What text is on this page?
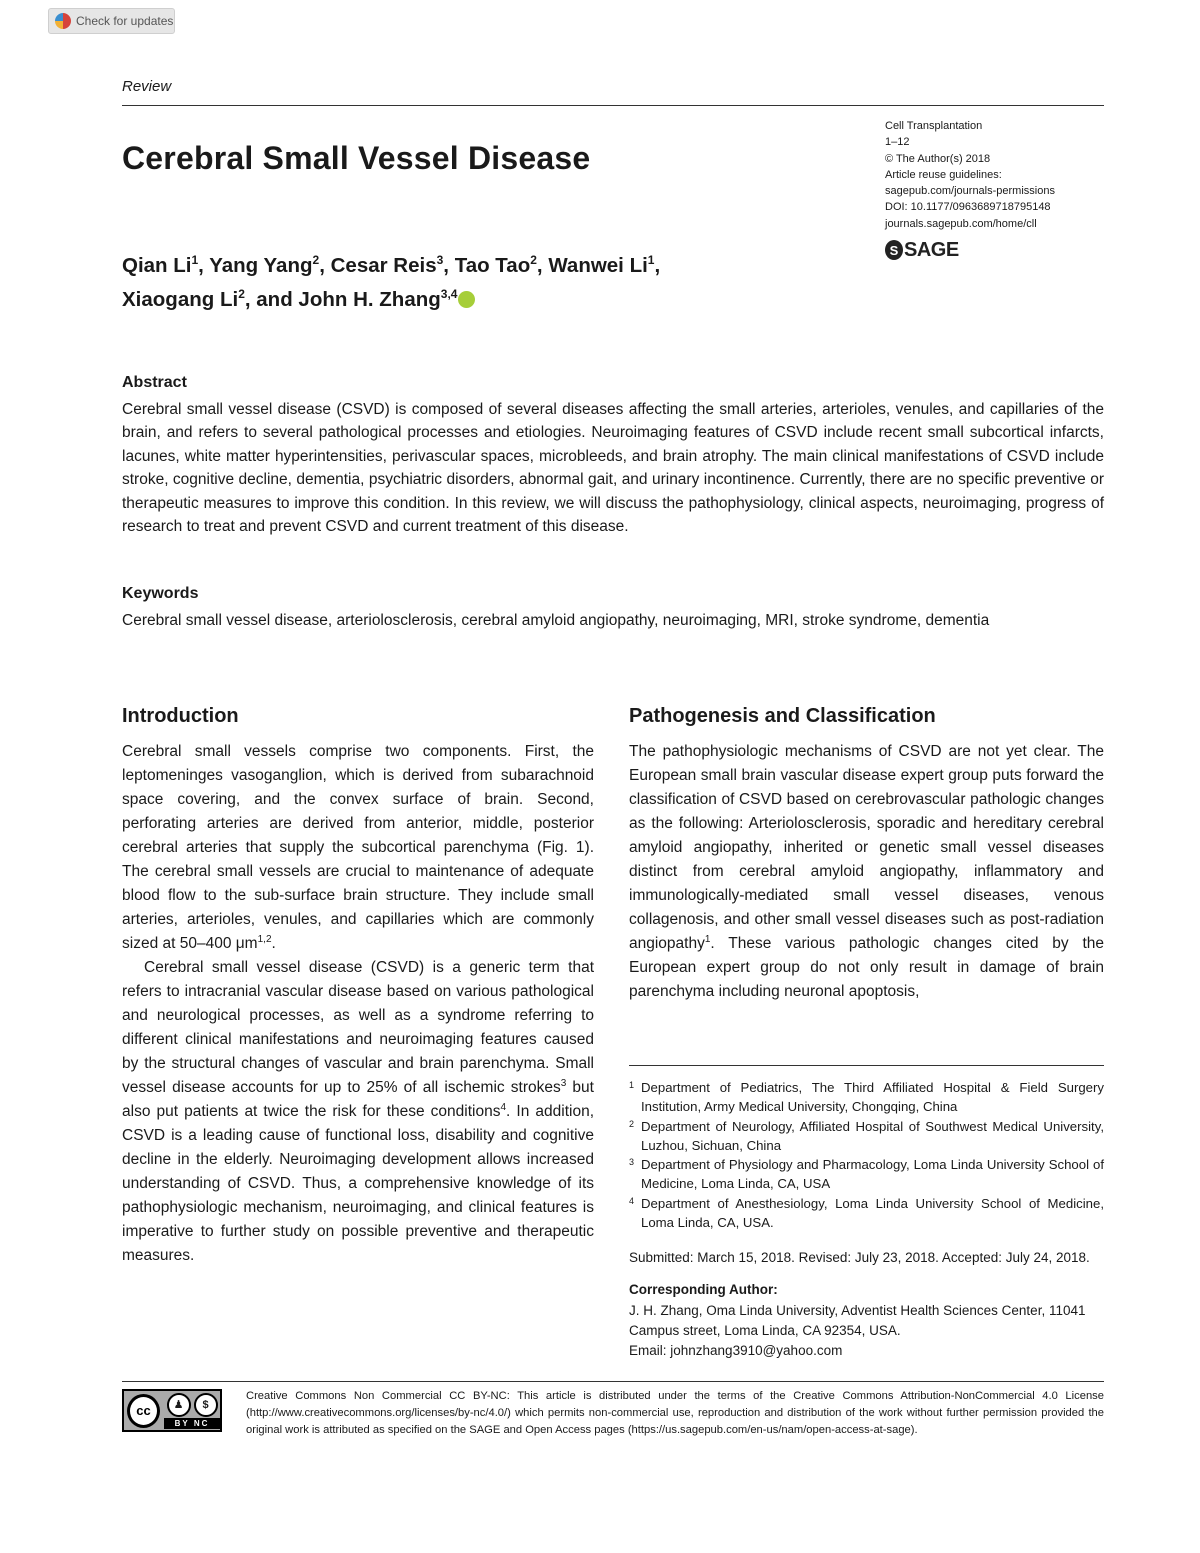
Check for updates
Review
Cerebral Small Vessel Disease
Cell Transplantation
1–12
© The Author(s) 2018
Article reuse guidelines:
sagepub.com/journals-permissions
DOI: 10.1177/0963689718795148
journals.sagepub.com/home/cll
S SAGE
Qian Li$^1$, Yang Yang$^2$, Cesar Reis$^3$, Tao Tao$^2$, Wanwei Li$^1$,
Xiaogang Li$^2$, and John H. Zhang$^{3,4}$
Abstract
Cerebral small vessel disease (CSVD) is composed of several diseases affecting the small arteries, arterioles, venules, and capillaries of the brain, and refers to several pathological processes and etiologies. Neuroimaging features of CSVD include recent small subcortical infarcts, lacunes, white matter hyperintensities, perivascular spaces, microbleeds, and brain atrophy. The main clinical manifestations of CSVD include stroke, cognitive decline, dementia, psychiatric disorders, abnormal gait, and urinary incontinence. Currently, there are no specific preventive or therapeutic measures to improve this condition. In this review, we will discuss the pathophysiology, clinical aspects, neuroimaging, progress of research to treat and prevent CSVD and current treatment of this disease.
Keywords
Cerebral small vessel disease, arteriolosclerosis, cerebral amyloid angiopathy, neuroimaging, MRI, stroke syndrome, dementia
Introduction

Cerebral small vessels comprise two components. First, the leptomeninges vasoganglion, which is derived from subarachnoid space covering, and the convex surface of brain. Second, perforating arteries are derived from anterior, middle, posterior cerebral arteries that supply the subcortical parenchyma (Fig. 1). The cerebral small vessels are crucial to maintenance of adequate blood flow to the sub-surface brain structure. They include small arteries, arterioles, venules, and capillaries which are commonly sized at 50–400 μm$^{1,2}$.

Cerebral small vessel disease (CSVD) is a generic term that refers to intracranial vascular disease based on various pathological and neurological processes, as well as a syndrome referring to different clinical manifestations and neuroimaging features caused by the structural changes of vascular and brain parenchyma. Small vessel disease accounts for up to 25% of all ischemic strokes$^3$ but also put patients at twice the risk for these conditions$^4$. In addition, CSVD is a leading cause of functional loss, disability and cognitive decline in the elderly. Neuroimaging development allows increased understanding of CSVD. Thus, a comprehensive knowledge of its pathophysiologic mechanism, neuroimaging, and clinical features is imperative to further study on possible preventive and therapeutic measures.

Pathogenesis and Classification

The pathophysiologic mechanisms of CSVD are not yet clear. The European small brain vascular disease expert group puts forward the classification of CSVD based on cerebrovascular pathologic changes as the following: Arteriolosclerosis, sporadic and hereditary cerebral amyloid angiopathy, inherited or genetic small vessel diseases distinct from cerebral amyloid angiopathy, inflammatory and immunologically-mediated small vessel diseases, venous collagenosis, and other small vessel diseases such as post-radiation angiopathy$^1$. These various pathologic changes cited by the European expert group do not only result in damage of brain parenchyma including neuronal apoptosis,

1 Department of Pediatrics, The Third Affiliated Hospital & Field Surgery Institution, Army Medical University, Chongqing, China
2 Department of Neurology, Affiliated Hospital of Southwest Medical University, Luzhou, Sichuan, China
3 Department of Physiology and Pharmacology, Loma Linda University School of Medicine, Loma Linda, CA, USA
4 Department of Anesthesiology, Loma Linda University School of Medicine, Loma Linda, CA, USA.
Submitted: March 15, 2018. Revised: July 23, 2018. Accepted: July 24, 2018.
Corresponding Author:
J. H. Zhang, Oma Linda University, Adventist Health Sciences Center, 11041
Campus street, Loma Linda, CA 92354, USA.
Email: johnzhang3910@yahoo.com
cc	♟	$
BY NC
Creative Commons Non Commercial CC BY-NC: This article is distributed under the terms of the Creative Commons Attribution-NonCommercial 4.0 License (http://www.creativecommons.org/licenses/by-nc/4.0/) which permits non-commercial use, reproduction and distribution of the work without further permission provided the original work is attributed as specified on the SAGE and Open Access pages (https://us.sagepub.com/en-us/nam/open-access-at-sage).
